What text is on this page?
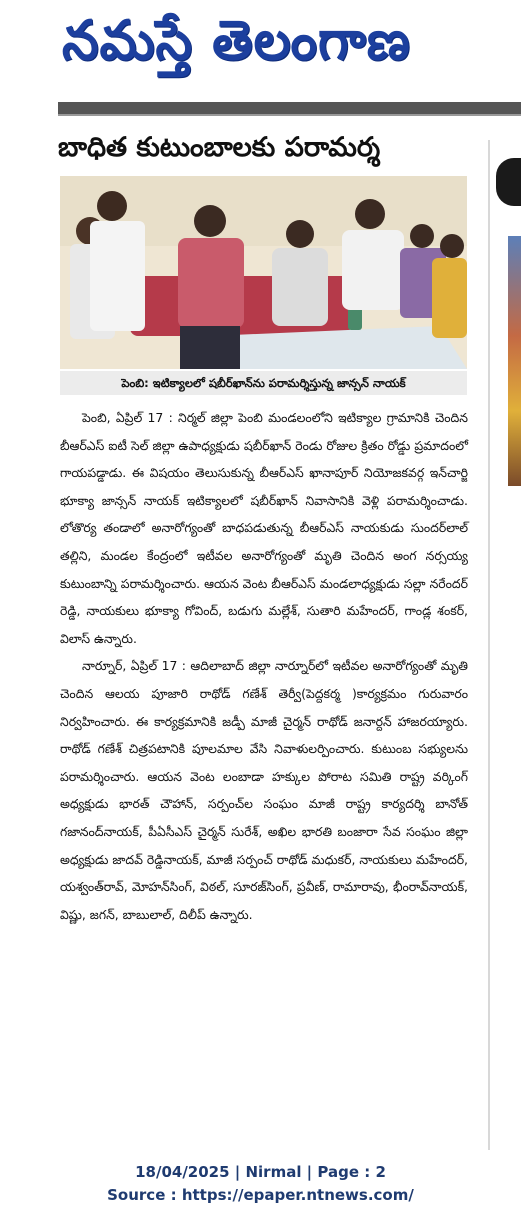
నమస్తే తెలంగాణ
బాధిత కుటుంబాలకు పరామర్శ
పెంబి: ఇటిక్యాలలో షబీర్‌ఖాన్‌ను పరామర్శిస్తున్న జాన్సన్ నాయక్

పెంబి, ఏప్రిల్ 17 : నిర్మల్ జిల్లా పెంబి మండలంలోని ఇటిక్యాల గ్రామానికి చెందిన బీఆర్ఎస్ ఐటీ సెల్ జిల్లా ఉపాధ్యక్షుడు షబీర్‌ఖాన్ రెండు రోజుల క్రితం రోడ్డు ప్రమాదంలో గాయపడ్డాడు. ఈ విషయం తెలుసుకున్న బీఆర్ఎస్ ఖానాపూర్ నియోజకవర్గ ఇన్‌చార్జి భూక్యా జాన్సన్ నాయక్ ఇటిక్యాలలో షబీర్‌ఖాన్ నివాసానికి వెళ్లి పరామర్శించాడు. లోతొర్య తండాలో అనారోగ్యంతో బాధపడుతున్న బీఆర్ఎస్ నాయకుడు సుందర్‌లాల్ తల్లిని, మండల కేంద్రంలో ఇటీవల అనారోగ్యంతో మృతి చెందిన అంగ నర్సయ్య కుటుంబాన్ని పరామర్శించారు. ఆయన వెంట బీఆర్ఎస్ మండలాధ్యక్షుడు సల్లా నరేందర్ రెడ్డి, నాయకులు భూక్యా గోవింద్, బడుగు మల్లేశ్, సుతారి మహేందర్, గాండ్ల శంకర్, విలాస్ ఉన్నారు.

నార్నూర్, ఏప్రిల్ 17 : ఆదిలాబాద్ జిల్లా నార్నూర్‌లో ఇటీవల అనారోగ్యంతో మృతి చెందిన ఆలయ పూజారి రాథోడ్ గణేశ్ తెర్వీ(పెద్దకర్మ )కార్యక్రమం గురువారం నిర్వహించారు. ఈ కార్యక్రమానికి జడ్పీ మాజీ చైర్మన్ రాథోడ్ జనార్దన్ హాజరయ్యారు. రాథోడ్ గణేశ్ చిత్రపటానికి పూలమాల వేసి నివాళులర్పించారు. కుటుంబ సభ్యులను పరామర్శించారు. ఆయన వెంట లంబాడా హక్కుల పోరాట సమితి రాష్ట్ర వర్కింగ్ అధ్యక్షుడు భారత్ చౌహాన్, సర్పంచ్‌ల సంఘం మాజీ రాష్ట్ర కార్యదర్శి బానోత్ గజానంద్‌నాయక్, పీఏసీఎస్ చైర్మన్ సురేశ్, అఖిల భారతి బంజారా సేవ సంఘం జిల్లా అధ్యక్షుడు జాదవ్ రెడ్డినాయక్, మాజీ సర్పంచ్ రాథోడ్ మధుకర్, నాయకులు మహేందర్, యశ్వంత్‌రావ్, మోహన్‌సింగ్, విఠల్, సూరజ్‌సింగ్, ప్రవీణ్, రామారావు, భీంరావ్‌నాయక్, విష్ణు, జగన్, బాబులాల్, దిలీప్ ఉన్నారు.

18/04/2025 | Nirmal | Page : 2
Source : https://epaper.ntnews.com/
